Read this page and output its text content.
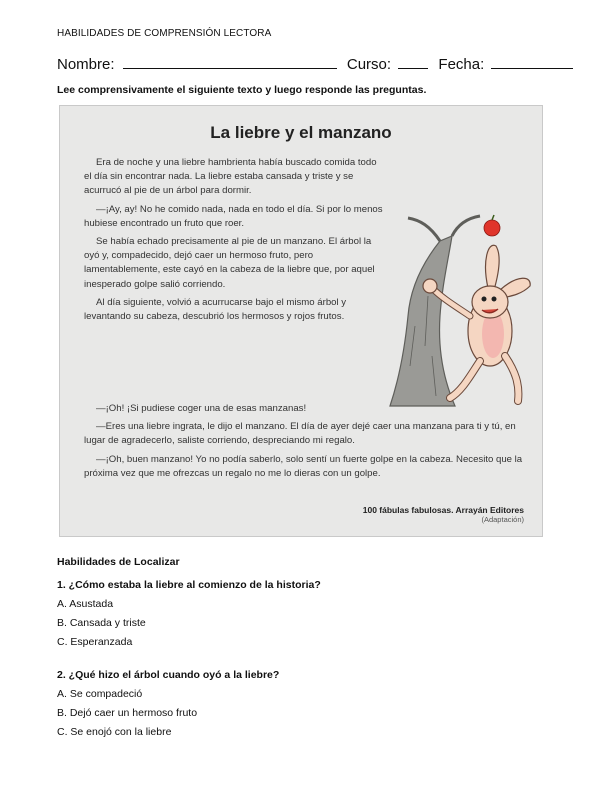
HABILIDADES DE COMPRENSIÓN LECTORA
Nombre:	Curso:	Fecha:
Lee comprensivamente el siguiente texto y luego responde las preguntas.
La liebre y el manzano

Era de noche y una liebre hambrienta había buscado comida todo el día sin encontrar nada. La liebre estaba cansada y triste y se acurrucó al pie de un árbol para dormir.

—¡Ay, ay! No he comido nada, nada en todo el día. Si por lo menos hubiese encontrado un fruto que roer.

Se había echado precisamente al pie de un manzano. El árbol la oyó y, compadecido, dejó caer un hermoso fruto, pero lamentablemente, este cayó en la cabeza de la liebre que, por aquel inesperado golpe salió corriendo.

Al día siguiente, volvió a acurrucarse bajo el mismo árbol y levantando su cabeza, descubrió los hermosos y rojos frutos.

—¡Oh! ¡Si pudiese coger una de esas manzanas!

—Eres una liebre ingrata, le dijo el manzano. El día de ayer dejé caer una manzana para ti y tú, en lugar de agradecerlo, saliste corriendo, despreciando mi regalo.

—¡Oh, buen manzano! Yo no podía saberlo, solo sentí un fuerte golpe en la cabeza. Necesito que la próxima vez que me ofrezcas un regalo no me lo dieras con un golpe.

100 fábulas fabulosas. Arrayán Editores
(Adaptación)
Habilidades de Localizar
1. ¿Cómo estaba la liebre al comienzo de la historia?
A. Asustada
B. Cansada y triste
C. Esperanzada
2. ¿Qué hizo el árbol cuando oyó a la liebre?
A. Se compadeció
B. Dejó caer un hermoso fruto
C. Se enojó con la liebre
